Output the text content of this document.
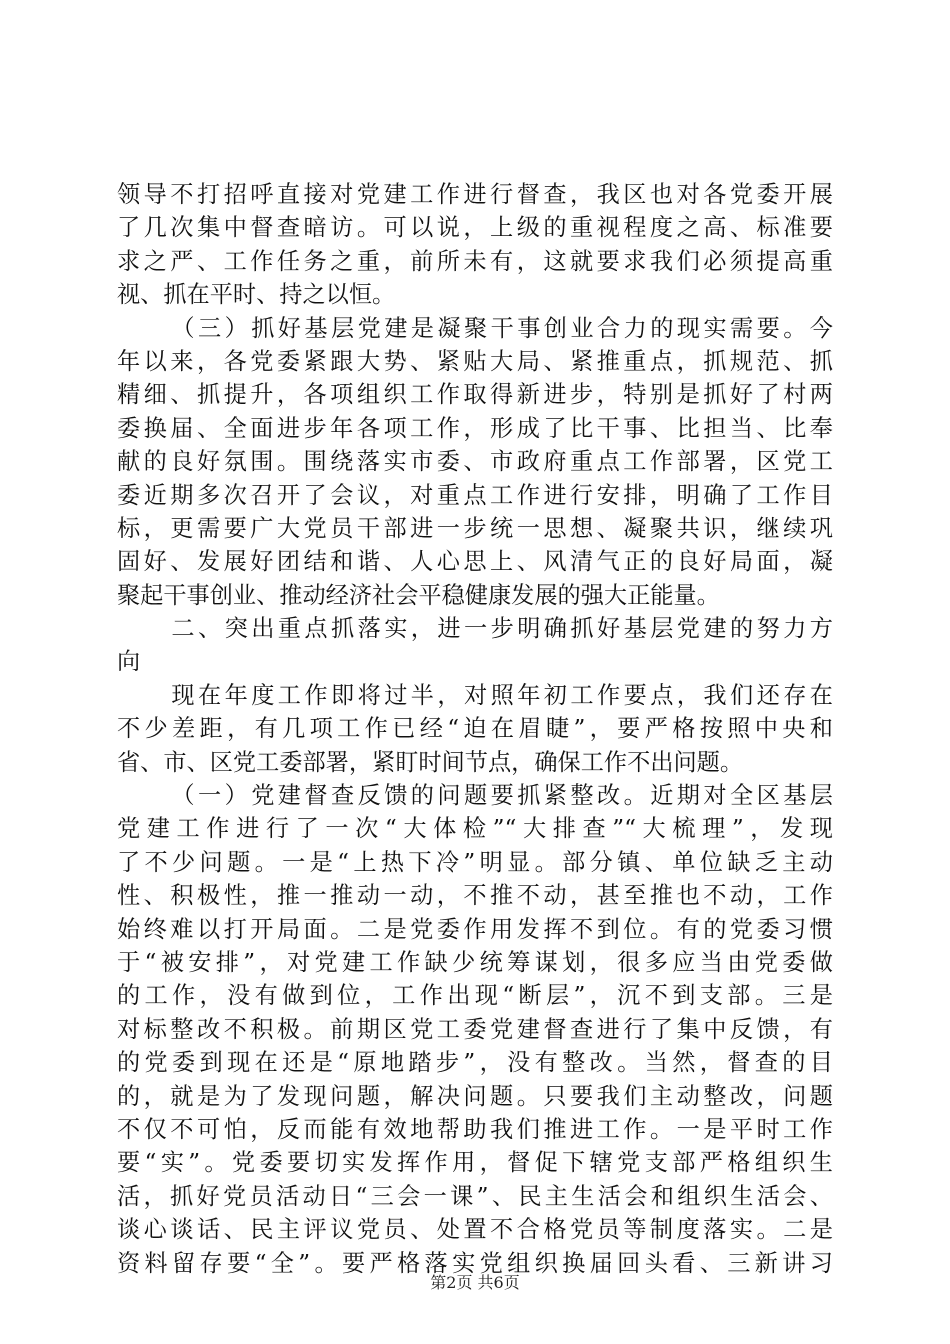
领导不打招呼直接对党建工作进行督查，我区也对各党委开展
了几次集中督查暗访。可以说，上级的重视程度之高、标准要
求之严、工作任务之重，前所未有，这就要求我们必须提高重
视、抓在平时、持之以恒。
（三）抓好基层党建是凝聚干事创业合力的现实需要。今
年以来，各党委紧跟大势、紧贴大局、紧推重点，抓规范、抓
精细、抓提升，各项组织工作取得新进步，特别是抓好了村两
委换届、全面进步年各项工作，形成了比干事、比担当、比奉
献的良好氛围。围绕落实市委、市政府重点工作部署，区党工
委近期多次召开了会议，对重点工作进行安排，明确了工作目
标，更需要广大党员干部进一步统一思想、凝聚共识，继续巩
固好、发展好团结和谐、人心思上、风清气正的良好局面，凝
聚起干事创业、推动经济社会平稳健康发展的强大正能量。
二、突出重点抓落实，进一步明确抓好基层党建的努力方
向
现在年度工作即将过半，对照年初工作要点，我们还存在
不少差距，有几项工作已经“迫在眉睫”，要严格按照中央和
省、市、区党工委部署，紧盯时间节点，确保工作不出问题。
（一）党建督查反馈的问题要抓紧整改。近期对全区基层
党建工作进行了一次“大体检”“大排查”“大梳理”，发现
了不少问题。一是“上热下冷”明显。部分镇、单位缺乏主动
性、积极性，推一推动一动，不推不动，甚至推也不动，工作
始终难以打开局面。二是党委作用发挥不到位。有的党委习惯
于“被安排”，对党建工作缺少统筹谋划，很多应当由党委做
的工作，没有做到位，工作出现“断层”，沉不到支部。三是
对标整改不积极。前期区党工委党建督查进行了集中反馈，有
的党委到现在还是“原地踏步”，没有整改。当然，督查的目
的，就是为了发现问题，解决问题。只要我们主动整改，问题
不仅不可怕，反而能有效地帮助我们推进工作。一是平时工作
要“实”。党委要切实发挥作用，督促下辖党支部严格组织生
活，抓好党员活动日“三会一课”、民主生活会和组织生活会、
谈心谈话、民主评议党员、处置不合格党员等制度落实。二是
资料留存要“全”。要严格落实党组织换届回头看、三新讲习
第2页 共6页
